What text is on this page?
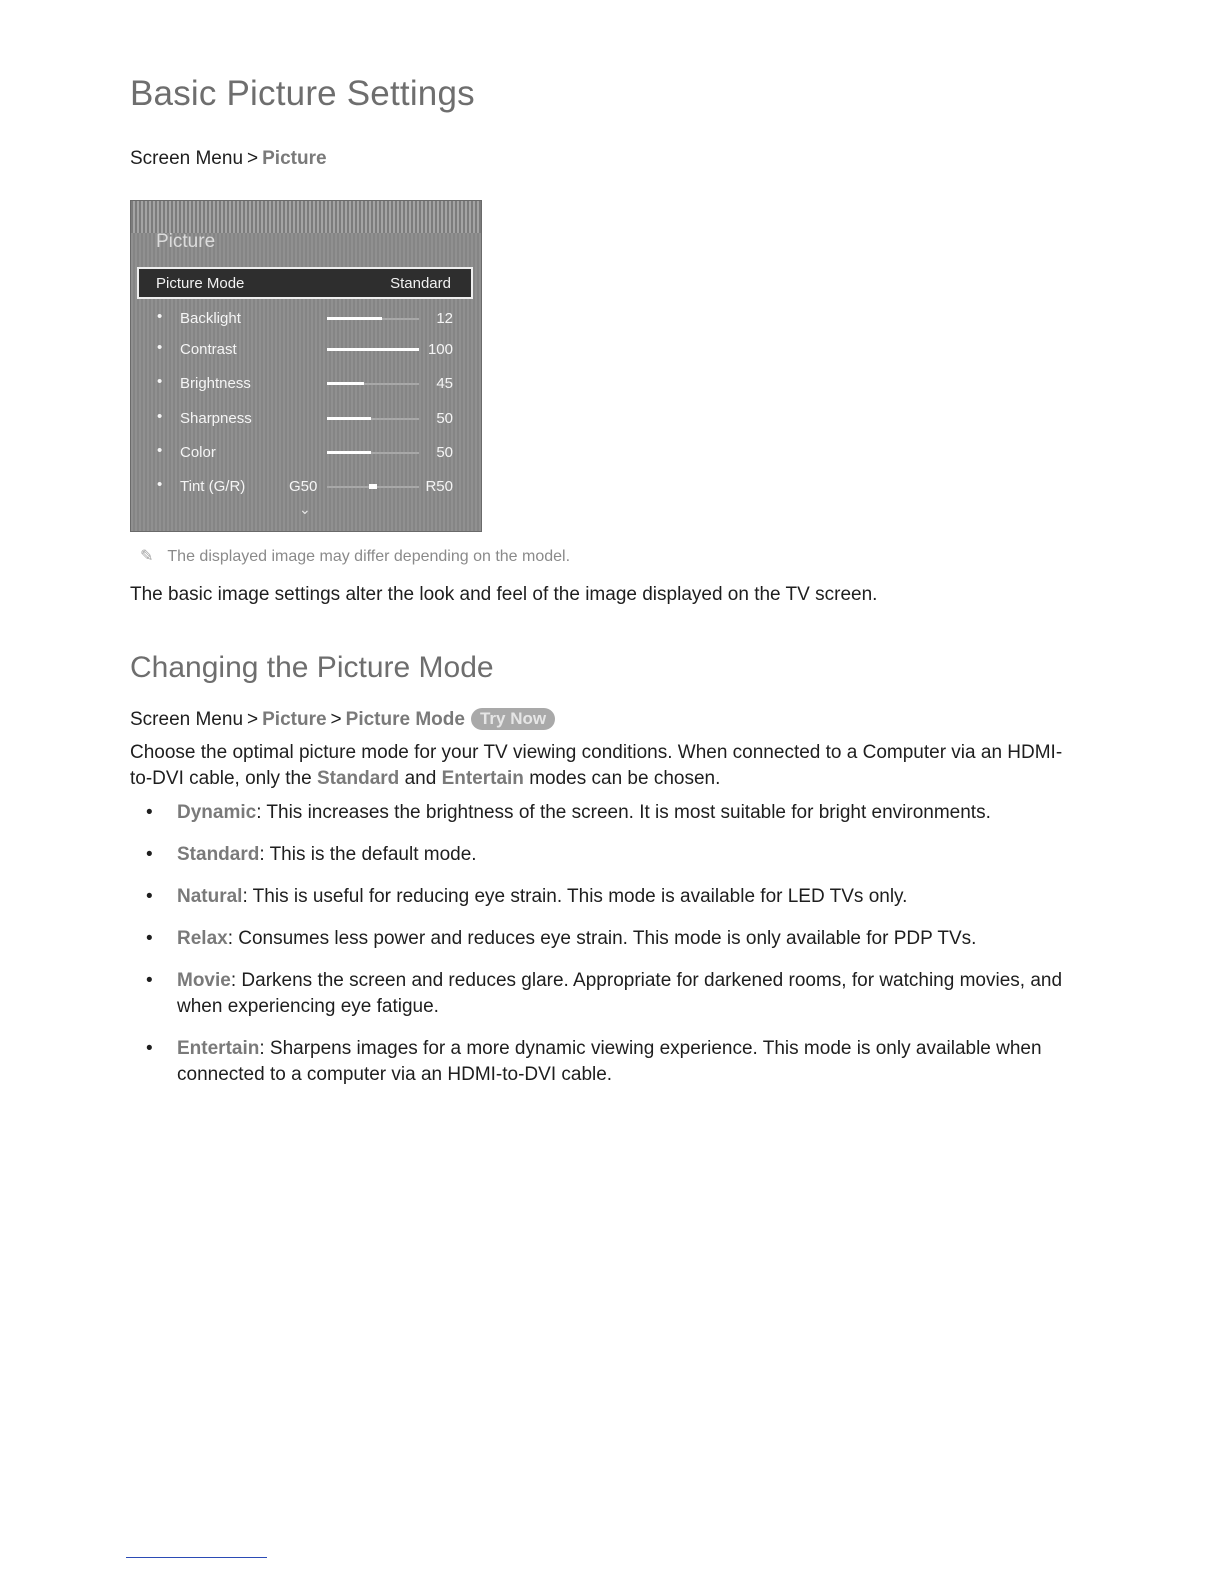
Basic Picture Settings
Screen Menu > Picture
Picture
Picture Mode	Standard
• Backlight	12
• Contrast	100
• Brightness	45
• Sharpness	50
• Color	50
• Tint (G/R)	G50	R50
⌄
✎ The displayed image may differ depending on the model.
The basic image settings alter the look and feel of the image displayed on the TV screen.
Changing the Picture Mode
Screen Menu > Picture > Picture Mode Try Now
Choose the optimal picture mode for your TV viewing conditions. When connected to a Computer via an HDMI-to-DVI cable, only the Standard and Entertain modes can be chosen.
• Dynamic: This increases the brightness of the screen. It is most suitable for bright environments.
• Standard: This is the default mode.
• Natural: This is useful for reducing eye strain. This mode is available for LED TVs only.
• Relax: Consumes less power and reduces eye strain. This mode is only available for PDP TVs.
• Movie: Darkens the screen and reduces glare. Appropriate for darkened rooms, for watching movies, and when experiencing eye fatigue.
• Entertain: Sharpens images for a more dynamic viewing experience. This mode is only available when connected to a computer via an HDMI-to-DVI cable.
